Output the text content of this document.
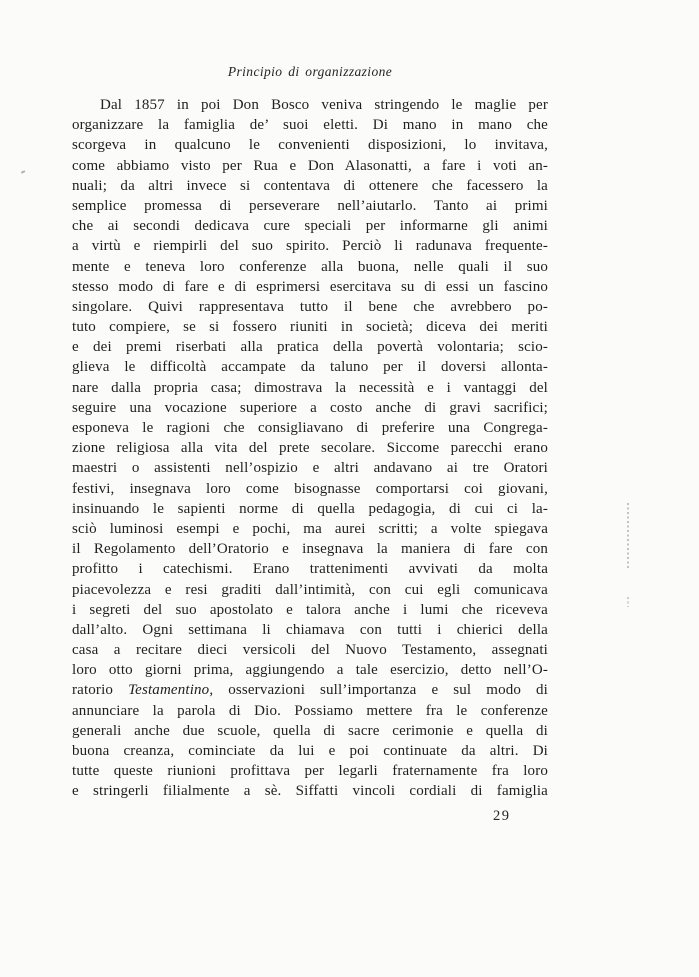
Principio di organizzazione
Dal 1857 in poi Don Bosco veniva stringendo le maglie per
organizzare la famiglia de’ suoi eletti. Di mano in mano che
scorgeva in qualcuno le convenienti disposizioni, lo invitava,
come abbiamo visto per Rua e Don Alasonatti, a fare i voti an-
nuali; da altri invece si contentava di ottenere che facessero la
semplice promessa di perseverare nell’aiutarlo. Tanto ai primi
che ai secondi dedicava cure speciali per informarne gli animi
a virtù e riempirli del suo spirito. Perciò li radunava frequente-
mente e teneva loro conferenze alla buona, nelle quali il suo
stesso modo di fare e di esprimersi esercitava su di essi un fascino
singolare. Quivi rappresentava tutto il bene che avrebbero po-
tuto compiere, se si fossero riuniti in società; diceva dei meriti
e dei premi riserbati alla pratica della povertà volontaria; scio-
glieva le difficoltà accampate da taluno per il doversi allonta-
nare dalla propria casa; dimostrava la necessità e i vantaggi del
seguire una vocazione superiore a costo anche di gravi sacrifici;
esponeva le ragioni che consigliavano di preferire una Congrega-
zione religiosa alla vita del prete secolare. Siccome parecchi erano
maestri o assistenti nell’ospizio e altri andavano ai tre Oratori
festivi, insegnava loro come bisognasse comportarsi coi giovani,
insinuando le sapienti norme di quella pedagogia, di cui ci la-
sciò luminosi esempi e pochi, ma aurei scritti; a volte spiegava
il Regolamento dell’Oratorio e insegnava la maniera di fare con
profitto i catechismi. Erano trattenimenti avvivati da molta
piacevolezza e resi graditi dall’intimità, con cui egli comunicava
i segreti del suo apostolato e talora anche i lumi che riceveva
dall’alto. Ogni settimana li chiamava con tutti i chierici della
casa a recitare dieci versicoli del Nuovo Testamento, assegnati
loro otto giorni prima, aggiungendo a tale esercizio, detto nell’O-
ratorio Testamentino, osservazioni sull’importanza e sul modo di
annunciare la parola di Dio. Possiamo mettere fra le conferenze
generali anche due scuole, quella di sacre cerimonie e quella di
buona creanza, cominciate da lui e poi continuate da altri. Di
tutte queste riunioni profittava per legarli fraternamente fra loro
e stringerli filialmente a sè. Siffatti vincoli cordiali di famiglia
29
